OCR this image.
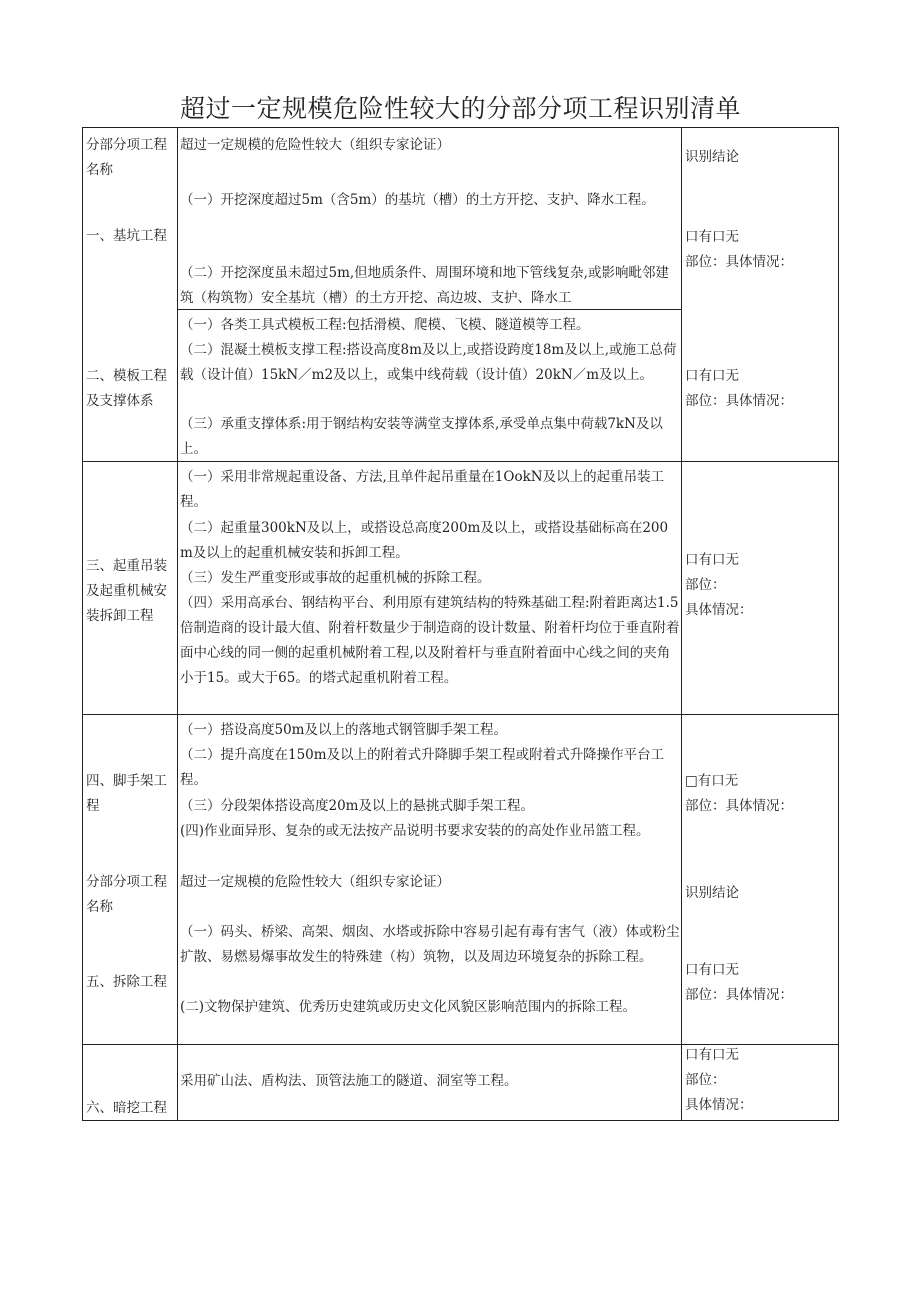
超过一定规模危险性较大的分部分项工程识别清单
分部分项工程名称
超过一定规模的危险性较大（组织专家论证）
识别结论
一、基坑工程
（一）开挖深度超过5m（含5m）的基坑（槽）的土方开挖、支护、降水工程。
（二）开挖深度虽未超过5m,但地质条件、周围环境和地下管线复杂,或影响毗邻建筑（构筑物）安全基坑（槽）的土方开挖、高边坡、支护、降水工

口有口无

部位：具体情况：

二、模板工程及支撑体系
（一）各类工具式模板工程:包括滑模、爬模、飞模、隧道模等工程。
（二）混凝土模板支撑工程:搭设高度8m及以上,或搭设跨度18m及以上,或施工总荷载（设计值）15kN／m2及以上，或集中线荷载（设计值）20kN／m及以上。
（三）承重支撑体系:用于钢结构安装等满堂支撑体系,承受单点集中荷载7kN及以上。

口有口无

部位：具体情况：

三、起重吊装及起重机械安装拆卸工程
（一）采用非常规起重设备、方法,且单件起吊重量在1OokN及以上的起重吊装工程。
（二）起重量300kN及以上，或搭设总高度200m及以上，或搭设基础标高在200m及以上的起重机械安装和拆卸工程。
（三）发生严重变形或事故的起重机械的拆除工程。
（四）采用高承台、钢结构平台、利用原有建筑结构的特殊基础工程:附着距离达1.5倍制造商的设计最大值、附着杆数量少于制造商的设计数量、附着杆均位于垂直附着面中心线的同一侧的起重机械附着工程,以及附着杆与垂直附着面中心线之间的夹角小于15。或大于65。的塔式起重机附着工程。

口有口无

部位：

具体情况：

四、脚手架工程
（一）搭设高度50m及以上的落地式钢管脚手架工程。
（二）提升高度在150m及以上的附着式升降脚手架工程或附着式升降操作平台工程。
（三）分段架体搭设高度20m及以上的悬挑式脚手架工程。
(四)作业面异形、复杂的或无法按产品说明书要求安装的的高处作业吊篮工程。

□有口无

部位：具体情况：

分部分项工程名称
超过一定规模的危险性较大（组织专家论证）
识别结论
五、拆除工程
（一）码头、桥梁、高架、烟囱、水塔或拆除中容易引起有毒有害气（液）体或粉尘扩散、易燃易爆事故发生的特殊建（构）筑物，以及周边环境复杂的拆除工程。
(二)文物保护建筑、优秀历史建筑或历史文化风貌区影响范围内的拆除工程。

口有口无

部位：具体情况：

六、暗挖工程
采用矿山法、盾构法、顶管法施工的隧道、洞室等工程。

口有口无

部位：

具体情况：
